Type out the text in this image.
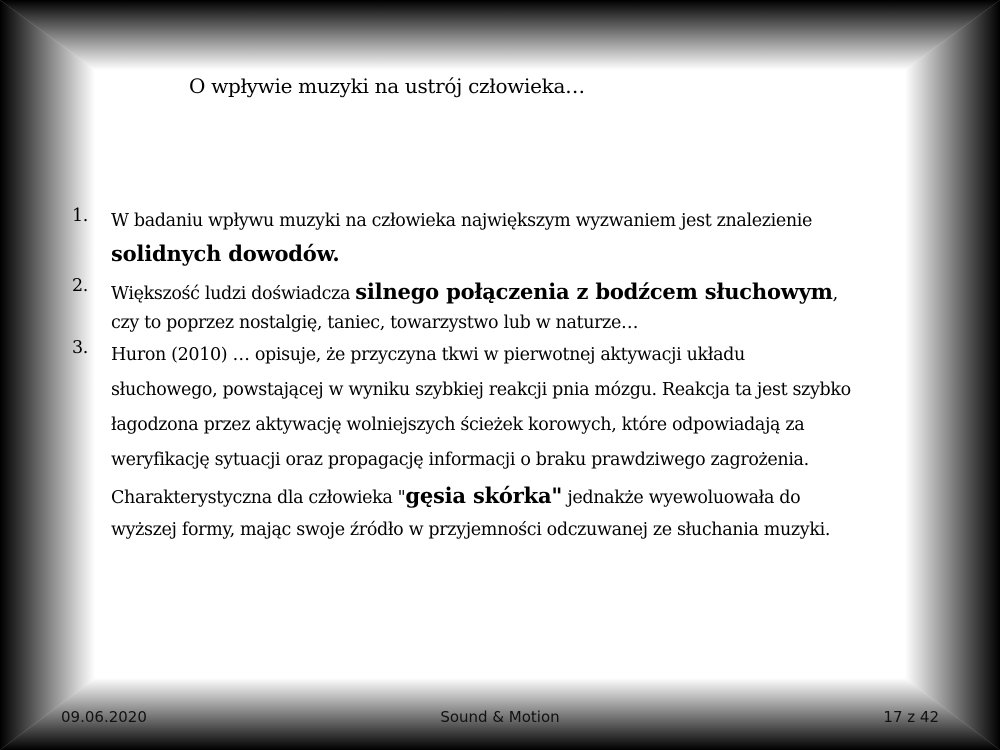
O wpływie muzyki na ustrój człowieka…
1.	W badaniu wpływu muzyki na człowieka największym wyzwaniem jest znalezienie
solidnych dowodów.
2.	Większość ludzi doświadcza silnego połączenia z bodźcem słuchowym,
czy to poprzez nostalgię, taniec, towarzystwo lub w naturze…
3.	Huron (2010) … opisuje, że przyczyna tkwi w pierwotnej aktywacji układu
słuchowego, powstającej w wyniku szybkiej reakcji pnia mózgu. Reakcja ta jest szybko
łagodzona przez aktywację wolniejszych ścieżek korowych, które odpowiadają za
weryfikację sytuacji oraz propagację informacji o braku prawdziwego zagrożenia.
Charakterystyczna dla człowieka "gęsia skórka" jednakże wyewoluowała do
wyższej formy, mając swoje źródło w przyjemności odczuwanej ze słuchania muzyki.
09.06.2020	Sound & Motion	17 z 42
